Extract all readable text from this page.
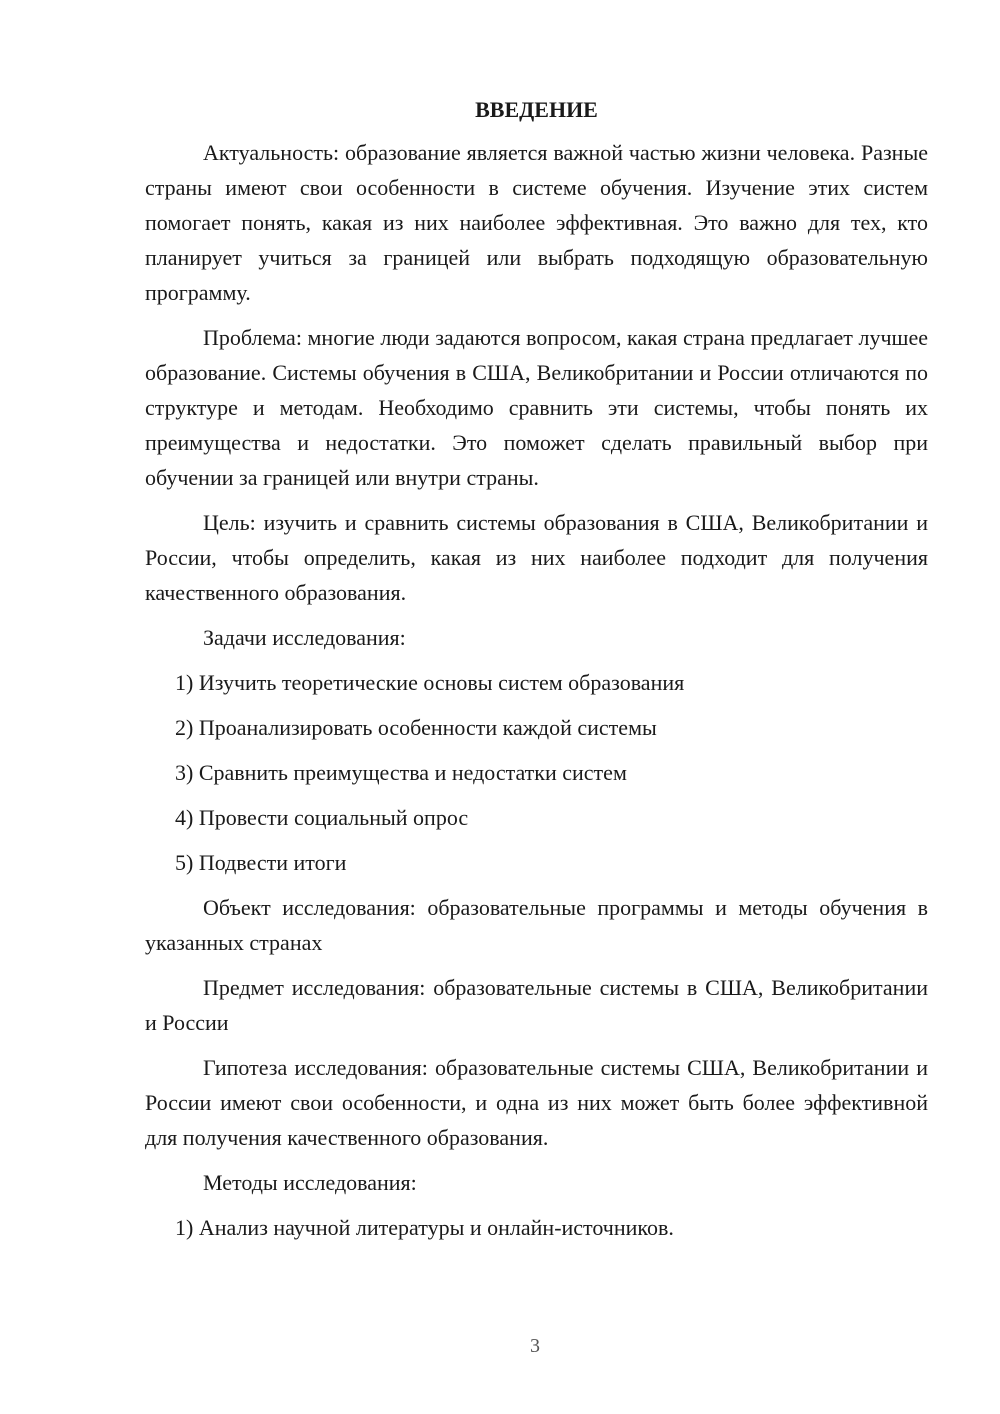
ВВЕДЕНИЕ

Актуальность: образование является важной частью жизни человека. Разные страны имеют свои особенности в системе обучения. Изучение этих систем помогает понять, какая из них наиболее эффективная. Это важно для тех, кто планирует учиться за границей или выбрать подходящую образовательную программу.

Проблема: многие люди задаются вопросом, какая страна предлагает лучшее образование. Системы обучения в США, Великобритании и России отличаются по структуре и методам. Необходимо сравнить эти системы, чтобы понять их преимущества и недостатки. Это поможет сделать правильный выбор при обучении за границей или внутри страны.

Цель: изучить и сравнить системы образования в США, Великобритании и России, чтобы определить, какая из них наиболее подходит для получения качественного образования.

Задачи исследования:

1) Изучить теоретические основы систем образования

2) Проанализировать особенности каждой системы

3) Сравнить преимущества и недостатки систем

4) Провести социальный опрос

5) Подвести итоги

Объект исследования: образовательные программы и методы обучения в указанных странах

Предмет исследования: образовательные системы в США, Великобритании и России

Гипотеза исследования: образовательные системы США, Великобритании и России имеют свои особенности, и одна из них может быть более эффективной для получения качественного образования.

Методы исследования:

1) Анализ научной литературы и онлайн-источников.

3
